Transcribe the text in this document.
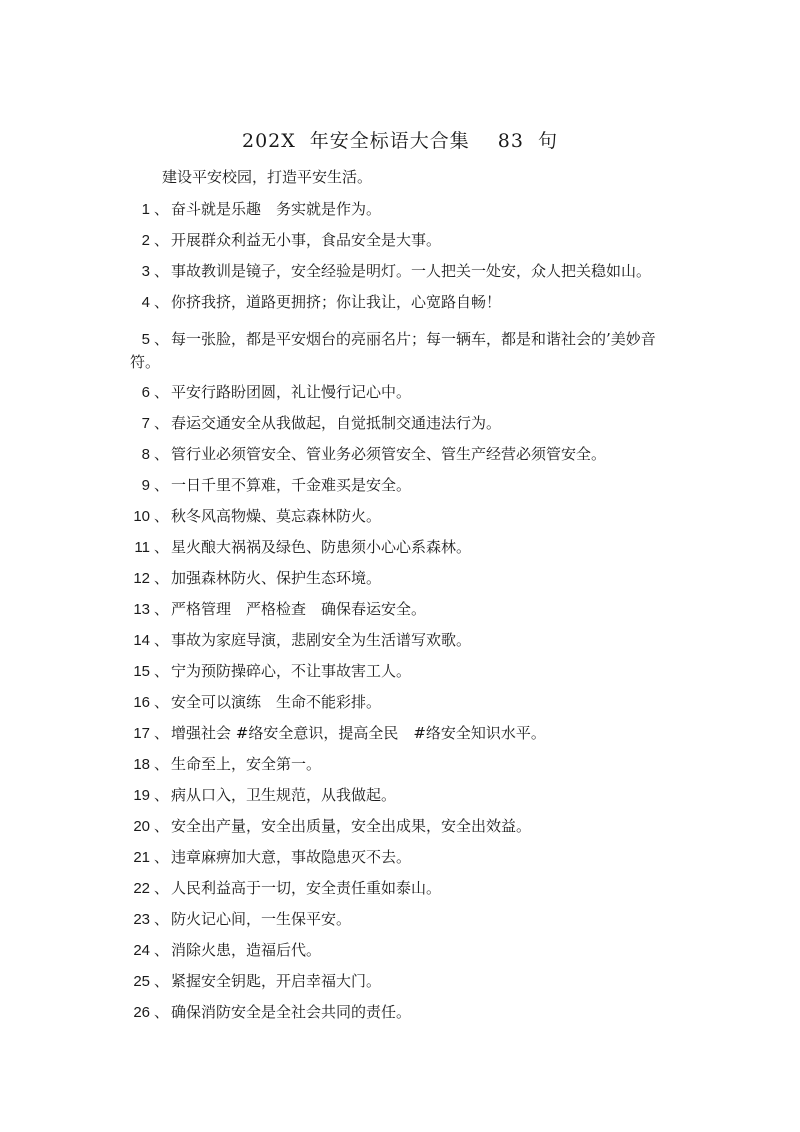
202X 年安全标语大合集 83 句
建设平安校园，打造平安生活。
1 、 奋斗就是乐趣　务实就是作为。
2 、 开展群众利益无小事，食品安全是大事。
3 、 事故教训是镜子，安全经验是明灯。一人把关一处安，众人把关稳如山。
4 、 你挤我挤，道路更拥挤；你让我让，心宽路自畅！
5 、 每一张脸，都是平安烟台的亮丽名片；每一辆车，都是和谐社会的’美妙音符。
6 、 平安行路盼团圆，礼让慢行记心中。
7 、 春运交通安全从我做起，自觉抵制交通违法行为。
8 、 管行业必须管安全、管业务必须管安全、管生产经营必须管安全。
9 、 一日千里不算难，千金难买是安全。
10 、 秋冬风高物燥、莫忘森林防火。
11 、 星火酿大祸祸及绿色、防患须小心心系森林。
12 、 加强森林防火、保护生态环境。
13 、 严格管理　严格检查　确保春运安全。
14 、 事故为家庭导演，悲剧安全为生活谱写欢歌。
15 、 宁为预防操碎心，不让事故害工人。
16 、 安全可以演练　生命不能彩排。
17 、 增强社会 #络安全意识，提高全民　#络安全知识水平。
18 、 生命至上，安全第一。
19 、 病从口入，卫生规范，从我做起。
20 、 安全出产量，安全出质量，安全出成果，安全出效益。
21 、 违章麻痹加大意，事故隐患灭不去。
22 、 人民利益高于一切，安全责任重如泰山。
23 、 防火记心间，一生保平安。
24 、 消除火患，造福后代。
25 、 紧握安全钥匙，开启幸福大门。
26 、 确保消防安全是全社会共同的责任。
